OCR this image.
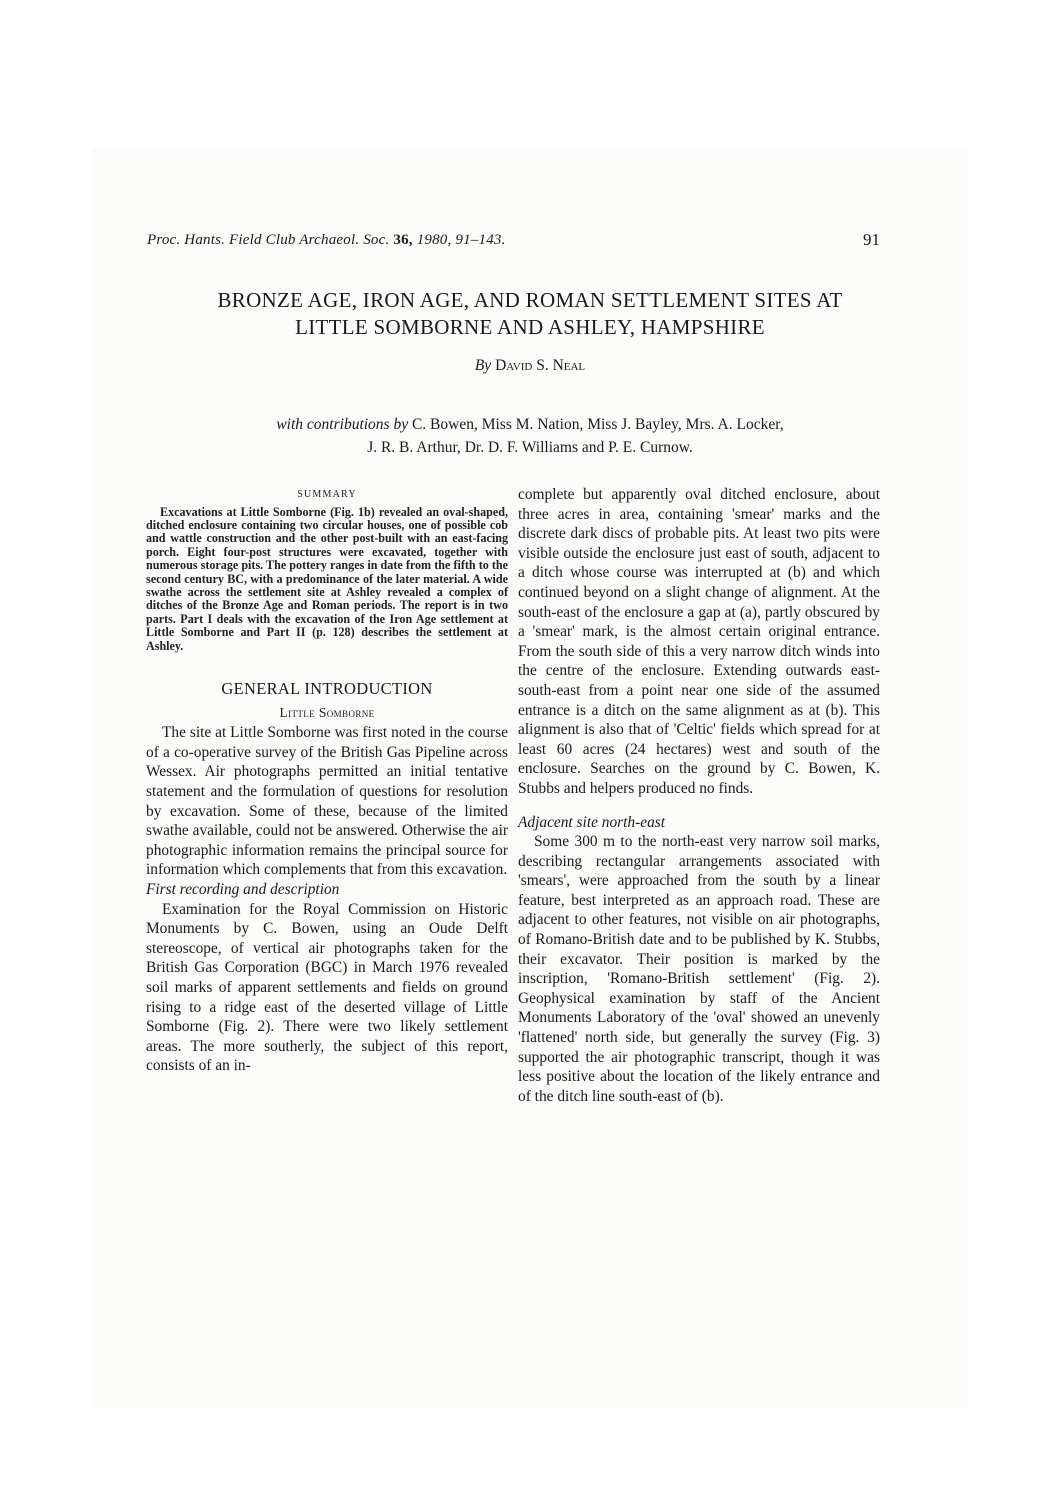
Proc. Hants. Field Club Archaeol. Soc. 36, 1980, 91–143.	91
BRONZE AGE, IRON AGE, AND ROMAN SETTLEMENT SITES AT
LITTLE SOMBORNE AND ASHLEY, HAMPSHIRE
By David S. Neal
with contributions by C. Bowen, Miss M. Nation, Miss J. Bayley, Mrs. A. Locker,
J. R. B. Arthur, Dr. D. F. Williams and P. E. Curnow.
SUMMARY

Excavations at Little Somborne (Fig. 1b) revealed an oval-shaped, ditched enclosure containing two circular houses, one of possible cob and wattle construction and the other post-built with an east-facing porch. Eight four-post structures were excavated, together with numerous storage pits. The pottery ranges in date from the fifth to the second century BC, with a predominance of the later material. A wide swathe across the settlement site at Ashley revealed a complex of ditches of the Bronze Age and Roman periods. The report is in two parts. Part I deals with the excavation of the Iron Age settlement at Little Somborne and Part II (p. 128) describes the settlement at Ashley.

GENERAL INTRODUCTION
Little Somborne

The site at Little Somborne was first noted in the course of a co-operative survey of the British Gas Pipeline across Wessex. Air photographs permitted an initial tentative statement and the formulation of questions for resolution by excavation. Some of these, because of the limited swathe available, could not be answered. Otherwise the air photographic information remains the principal source for information which complements that from this excavation.

First recording and description

Examination for the Royal Commission on Historic Monuments by C. Bowen, using an Oude Delft stereoscope, of vertical air photographs taken for the British Gas Corporation (BGC) in March 1976 revealed soil marks of apparent settlements and fields on ground rising to a ridge east of the deserted village of Little Somborne (Fig. 2). There were two likely settlement areas. The more southerly, the subject of this report, consists of an in-

complete but apparently oval ditched enclosure, about three acres in area, containing 'smear' marks and the discrete dark discs of probable pits. At least two pits were visible outside the enclosure just east of south, adjacent to a ditch whose course was interrupted at (b) and which continued beyond on a slight change of alignment. At the south-east of the enclosure a gap at (a), partly obscured by a 'smear' mark, is the almost certain original entrance. From the south side of this a very narrow ditch winds into the centre of the enclosure. Extending outwards east-south-east from a point near one side of the assumed entrance is a ditch on the same alignment as at (b). This alignment is also that of 'Celtic' fields which spread for at least 60 acres (24 hectares) west and south of the enclosure. Searches on the ground by C. Bowen, K. Stubbs and helpers produced no finds.

Adjacent site north-east

Some 300 m to the north-east very narrow soil marks, describing rectangular arrangements associated with 'smears', were approached from the south by a linear feature, best interpreted as an approach road. These are adjacent to other features, not visible on air photographs, of Romano-British date and to be published by K. Stubbs, their excavator. Their position is marked by the inscription, 'Romano-British settlement' (Fig. 2). Geophysical examination by staff of the Ancient Monuments Laboratory of the 'oval' showed an unevenly 'flattened' north side, but generally the survey (Fig. 3) supported the air photographic transcript, though it was less positive about the location of the likely entrance and of the ditch line south-east of (b).
